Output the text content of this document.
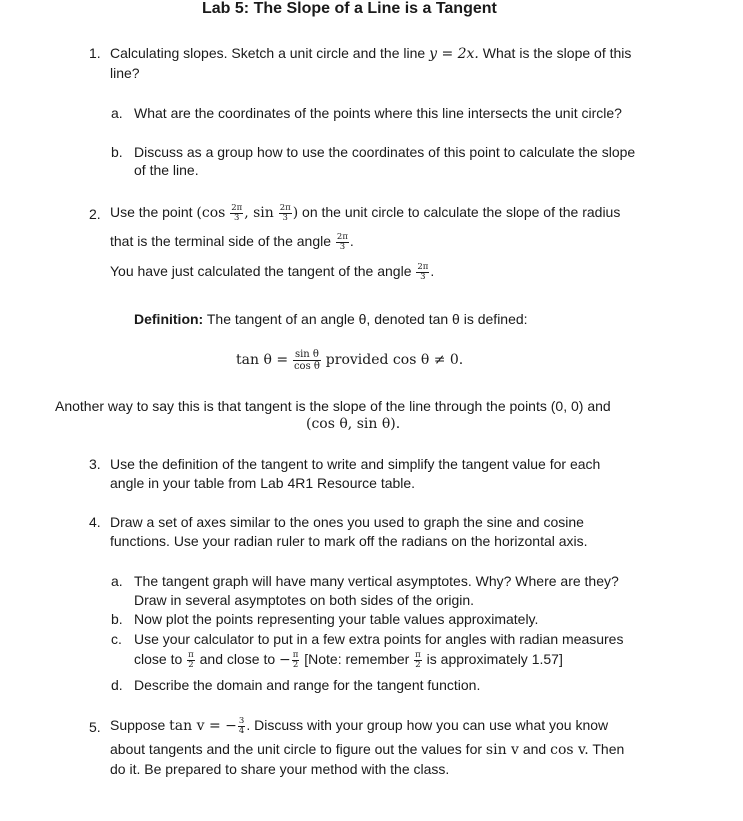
Lab 5: The Slope of a Line is a Tangent
1. Calculating slopes. Sketch a unit circle and the line y = 2x. What is the slope of this
line?
a. What are the coordinates of the points where this line intersects the unit circle?
b. Discuss as a group how to use the coordinates of this point to calculate the slope
of the line.
2. Use the point ($\cos \frac{2\pi}{3}$ , $\sin \frac{2\pi}{3}$ ) on the unit circle to calculate the slope of the radius
that is the terminal side of the angle $\frac{2\pi}{3}$ .
You have just calculated the tangent of the angle $\frac{2\pi}{3}$ .
Definition: The tangent of an angle θ, denoted tan θ is defined:
$\tan \theta = \frac{\text{sin θ}}{\text{cos θ}}$ provided cos θ ≠ 0.
Another way to say this is that tangent is the slope of the line through the points (0, 0) and
(cos θ, sin θ).
3. Use the definition of the tangent to write and simplify the tangent value for each
angle in your table from Lab 4R1 Resource table.
4. Draw a set of axes similar to the ones you used to graph the sine and cosine
functions. Use your radian ruler to mark off the radians on the horizontal axis.
a. The tangent graph will have many vertical asymptotes. Why? Where are they?
Draw in several asymptotes on both sides of the origin.
b. Now plot the points representing your table values approximately.
c. Use your calculator to put in a few extra points for angles with radian measures
close to $\frac{\pi}{2}$ and close to − $\frac{\pi}{2}$ [Note: remember $\frac{\pi}{2}$ is approximately 1.57]
d. Describe the domain and range for the tangent function.
5. Suppose tan v = − $\frac{3}{4}$ . Discuss with your group how you can use what you know
about tangents and the unit circle to figure out the values for sin v and cos v. Then
do it. Be prepared to share your method with the class.
